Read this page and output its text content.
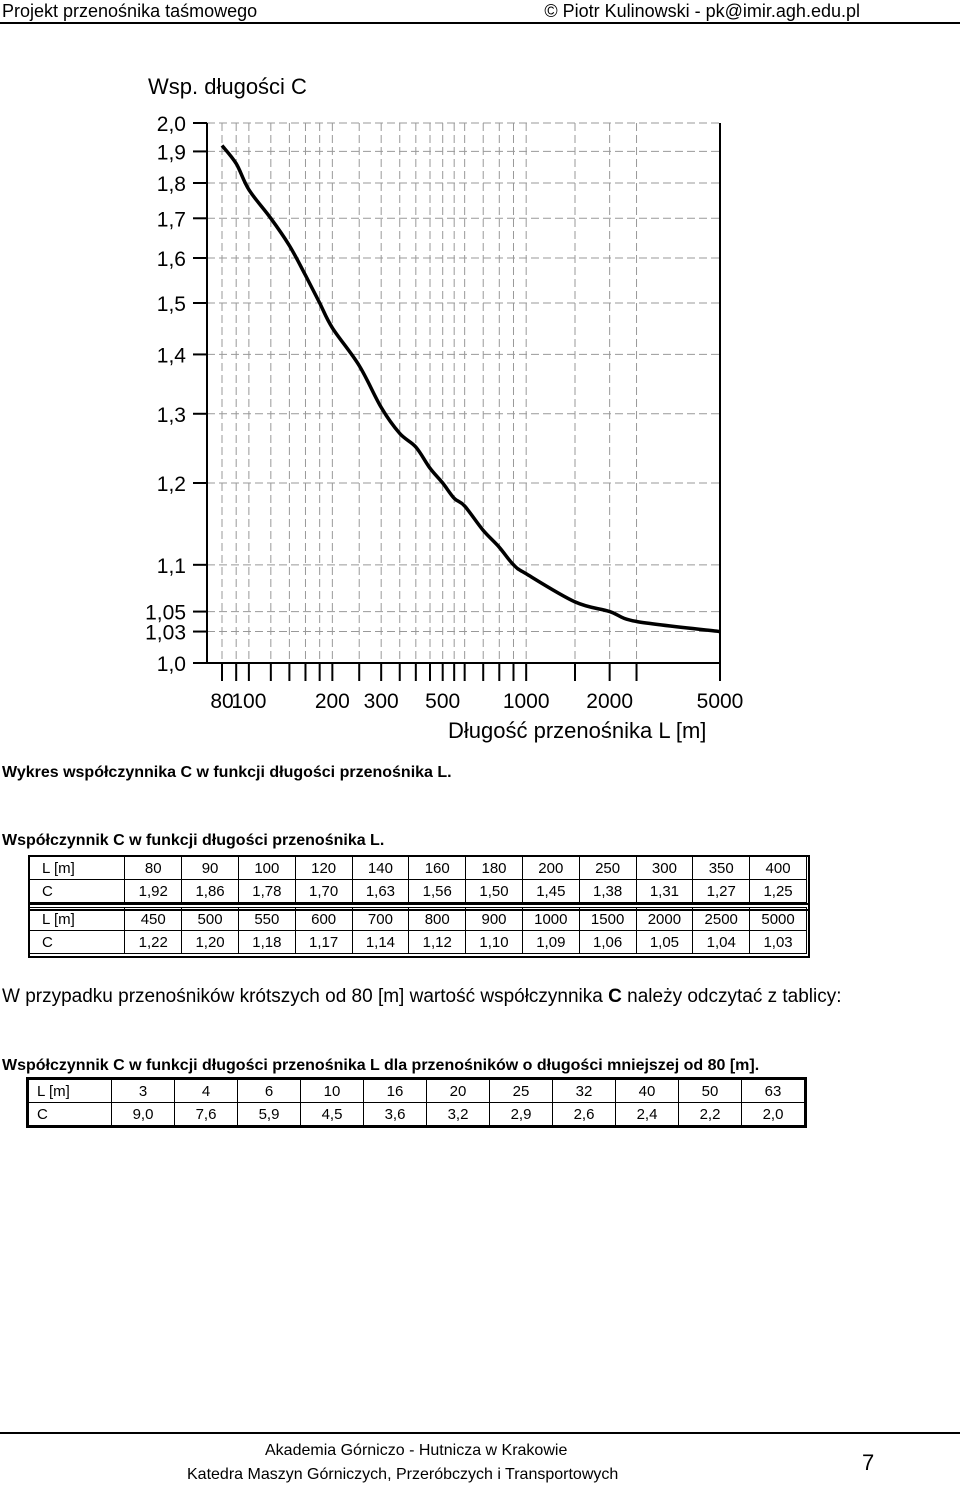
Projekt przenośnika taśmowego	© Piotr Kulinowski - pk@imir.agh.edu.pl
2,0
1,9
1,8
1,7
1,6
1,5
1,4
1,3
1,2
1,1
1,05
1,03
1,0
80
100 200 300 500 1000 2000	5000
Wsp. długości C
Długość przenośnika L [m]
Wykres współczynnika C w funkcji długości przenośnika L.
Współczynnik C w funkcji długości przenośnika L.
L [m]	80	90	100	120	140	160	180	200	250	300	350	400
C	1,92	1,86	1,78	1,70	1,63	1,56	1,50	1,45	1,38	1,31	1,27	1,25
L [m]	450	500	550	600	700	800	900	1000	1500	2000	2500	5000
C	1,22	1,20	1,18	1,17	1,14	1,12	1,10	1,09	1,06	1,05	1,04	1,03
W przypadku przenośników krótszych od 80 [m] wartość współczynnika C należy odczytać z tablicy:
Współczynnik C w funkcji długości przenośnika L dla przenośników o długości mniejszej od 80 [m].
L [m]	3	4	6	10	16	20	25	32	40	50	63
C	9,0	7,6	5,9	4,5	3,6	3,2	2,9	2,6	2,4	2,2	2,0
Akademia Górniczo - Hutnicza w Krakowie
Katedra Maszyn Górniczych, Przeróbczych i Transportowych	7
